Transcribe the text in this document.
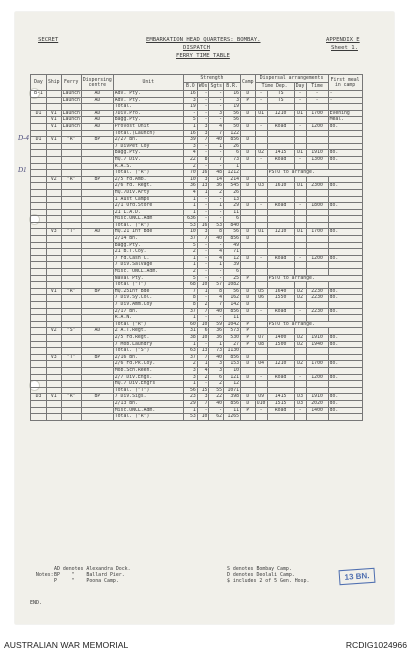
SECRET	EMBARKATION HEAD QUARTERS: BOMBAY.
DISPATCH
FERRY TIME TABLE
APPENDIX E
Sheet 1.
Day	Ship	Ferry	Dispersing centre	Unit	Strength				Camp	Dispersal arrangements				First meal in camp
					B.O	WOs	Sgts	B.R.		Time Dep.		Day	Time	
B-1		Launch	AD	Adv. Pty.	16	-	-	16	D	-	TS	-	-	-
		Launch	AD	Adv. Pty.	3	-	-	3	P	-	TS	-	-	-
				Total.	19	-	-	19						
D1	V1	Launch	AD	7Div.Pro.	-	-	3	56	D	U1	1210	D1	1700	Evening
	V1	Launch	AD	Bagg.Pty.	5	-	-	56						Meal.
	V1	Launch	AD	Provost Unit	1	3	4	50	D	-	Road	-	1200	do.
				Total.(Launch)	16	3	7	122						
D1	V1	"R"	BP	2/27 Bn.	39	7	40	856	D					
				7 DivPet Coy	3	-	1	26						
				Bagg.Pty.	4	-	-	6	D	U2	1415	D1	1910	do.
				HQ.7 Div.	22	8	7	73	D	-	Road	-	1300	do.
				R.A.S.	2	-	-	1						
				Total. ("R")	70	16	48	1212			PSTO to arrange.			
	V2	"R"	BP	2/5 Fd.Amb.	10	3	14	214	D					
				2/6 Fd. Regt.	36	13	36	545	D	U3	1610	D1	2300	do.
				HQ.7Div.Arty	4	1	2	26						
				1 Aust Camps	1	-	-	13						
				2/1 Ord.Store	1	-	1	29	D	-	Road	-	1800	do.
				21 L.A.D.	1	-	-	11						
				Misc.UNCL.Adm	636	-	-	6						
				Total. ("R")	53	16	53	840						
	V3	"T"	AD	HQ.21 Inf Bde	10	3	8	56	D	U1	1210	D1	1700	do.
				2/14 Bn.	37	7	40	856	D					
				Bagg.Pty.	5	-	-	49						
				21 B.T.Coy.	2	-	4	71						
				7 Fd.Cash C.	1	-	4	12	D	-	Road	-	1200	do.
				7 Div.Salvage	1	-	1	39						
				Misc. UNCL.Adm.	2	-	-	6						
				Naval Pty.	5	-	-	25	P		PSTO to arrange.			
				Total ("T")	68	10	57	1082						
	V1	"R"	BP	HQ.25Inf Bde	7	1	8	56	D	U5	1640	D2	2230	do.
				7 Div.Sy.Col.	8	-	4	162	D	U6	1550	D2	2230	do.
				7 Div.Amm.Coy	8	2	7	142	D					
				2/17 Bn.	37	7	40	856	D	-	Road	-	2230	do.
				R.A.N.	1	-	-	11						
				Total ("R")	60	10	59	1042	P		PSTO to arrange.			
	V2	"S"	AD	2 A.T.Regt.	31	6	36	573	P					
				2/5 Fd.Regt.	38	10	36	530	P	U7	1400	D2	1910	do.
				7 Mob.Laundry	1	-	1	27	P	U8	1500	D2	1940	do.
				Total. ("S")	63	13	73	1130						
	V3	"T"	BP	2/16 Bn.	37	7	40	856	D					
				2/6 Fd.Pk.Coy.	2	1	3	153	D	U4	1210	D2	1700	do.
				Mob.Sch.Reen.	3	4	3	10						
				2/7 Div.Engs.	3	2	6	121	D	-	Road	-	1200	do.
				HQ.7 Div.Engrs	1	-	2	12						
				Total. ("T")	56	15	55	1071						
D3	V1	"R"	BP	7 Div.Sigs.	23	3	22	398	D	U9	1415	D3	1910	do.
				2/13 Bn.	29	7	40	856	D	U10	1515	D3	2020	do.
				Misc.UNCL.Adm.	1	-	-	11	P	-	Road	-	1400	do.
				Total. ("R")	53	10	62	1265						
D-4
D1

Notes:

AD denotes Alexandra Dock.

BP    "    Ballard Pier.

P     "    Poona Camp.

S denotes Bombay Camp.

D denotes Deolali Camp.

$ includes 2 of 5 Gen. Hosp.

END.
13 BN.
AUSTRALIAN WAR MEMORIAL	RCDIG1024966
